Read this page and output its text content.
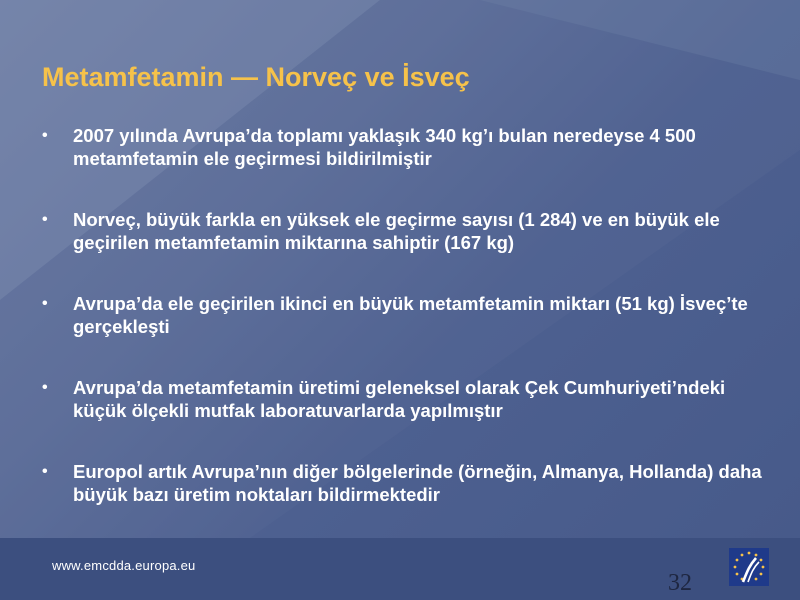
Metamfetamin — Norveç ve İsveç
• 2007 yılında Avrupa’da toplamı yaklaşık 340 kg’ı bulan neredeyse 4 500 metamfetamin ele geçirmesi bildirilmiştir
• Norveç, büyük farkla en yüksek ele geçirme sayısı (1 284) ve en büyük ele geçirilen metamfetamin miktarına sahiptir (167 kg)
• Avrupa’da ele geçirilen ikinci en büyük metamfetamin miktarı (51 kg) İsveç’te gerçekleşti
• Avrupa’da metamfetamin üretimi geleneksel olarak Çek Cumhuriyeti’ndeki küçük ölçekli mutfak laboratuvarlarda yapılmıştır
• Europol artık Avrupa’nın diğer bölgelerinde (örneğin, Almanya, Hollanda) daha büyük bazı üretim noktaları bildirmektedir
www.emcdda.europa.eu
32
